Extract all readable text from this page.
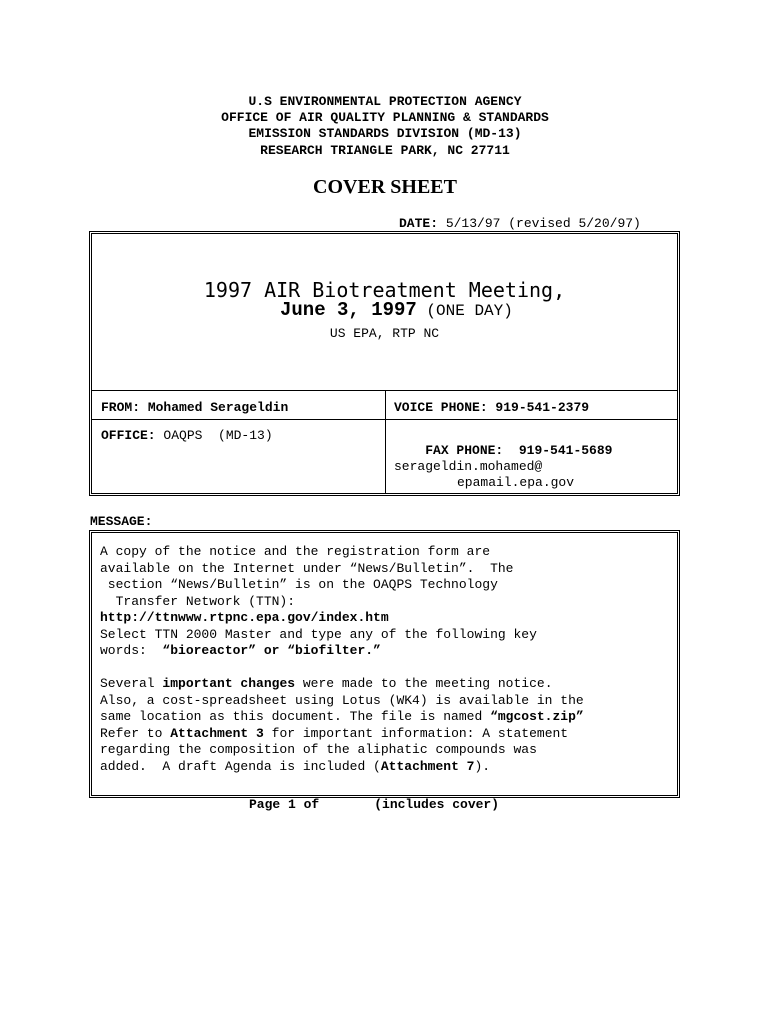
U.S ENVIRONMENTAL PROTECTION AGENCY
OFFICE OF AIR QUALITY PLANNING & STANDARDS
EMISSION STANDARDS DIVISION (MD-13)
RESEARCH TRIANGLE PARK, NC 27711
COVER SHEET
DATE: 5/13/97 (revised 5/20/97)
1997 AIR Biotreatment Meeting,
June 3, 1997 (ONE DAY)
US EPA, RTP NC
FROM: Mohamed Serageldin	VOICE PHONE: 919-541-2379
OFFICE: OAQPS  (MD-13)

FAX PHONE:  919-541-5689

serageldin.mohamed@
epamail.epa.gov
MESSAGE:
A copy of the notice and the registration form are
available on the Internet under “News/Bulletin”.  The
section “News/Bulletin” is on the OAQPS Technology
Transfer Network (TTN):
http://ttnwww.rtpnc.epa.gov/index.htm
Select TTN 2000 Master and type any of the following key
words:  “bioreactor” or “biofilter.”
Several important changes were made to the meeting notice.
Also, a cost-spreadsheet using Lotus (WK4) is available in the
same location as this document. The file is named “mgcost.zip”
Refer to Attachment 3 for important information: A statement
regarding the composition of the aliphatic compounds was
added.  A draft Agenda is included (Attachment 7).
Page 1 of	(includes cover)
